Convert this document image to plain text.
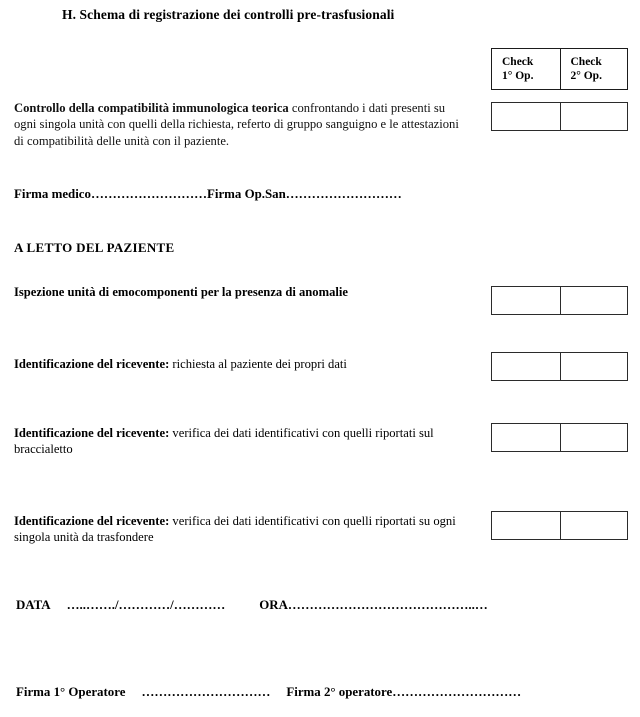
H. Schema di registrazione dei controlli pre-trasfusionali
Check
1° Op.
Check
2° Op.
Controllo della compatibilità immunologica teorica confrontando i dati presenti su ogni singola unità con quelli della richiesta, referto di gruppo sanguigno e le attestazioni di compatibilità delle unità con il paziente.
Firma medico………………………Firma Op.San………………………
A LETTO DEL PAZIENTE
Ispezione unità di emocomponenti per la presenza di anomalie
Identificazione del ricevente: richiesta al paziente dei propri dati
Identificazione del ricevente: verifica dei dati identificativi con quelli riportati sul braccialetto
Identificazione del ricevente: verifica dei dati identificativi con quelli riportati su ogni singola unità da trasfondere
DATA …..……./…………/…………	ORA……………………………………..…
Firma 1° Operatore ………………………… Firma 2° operatore…………………………
